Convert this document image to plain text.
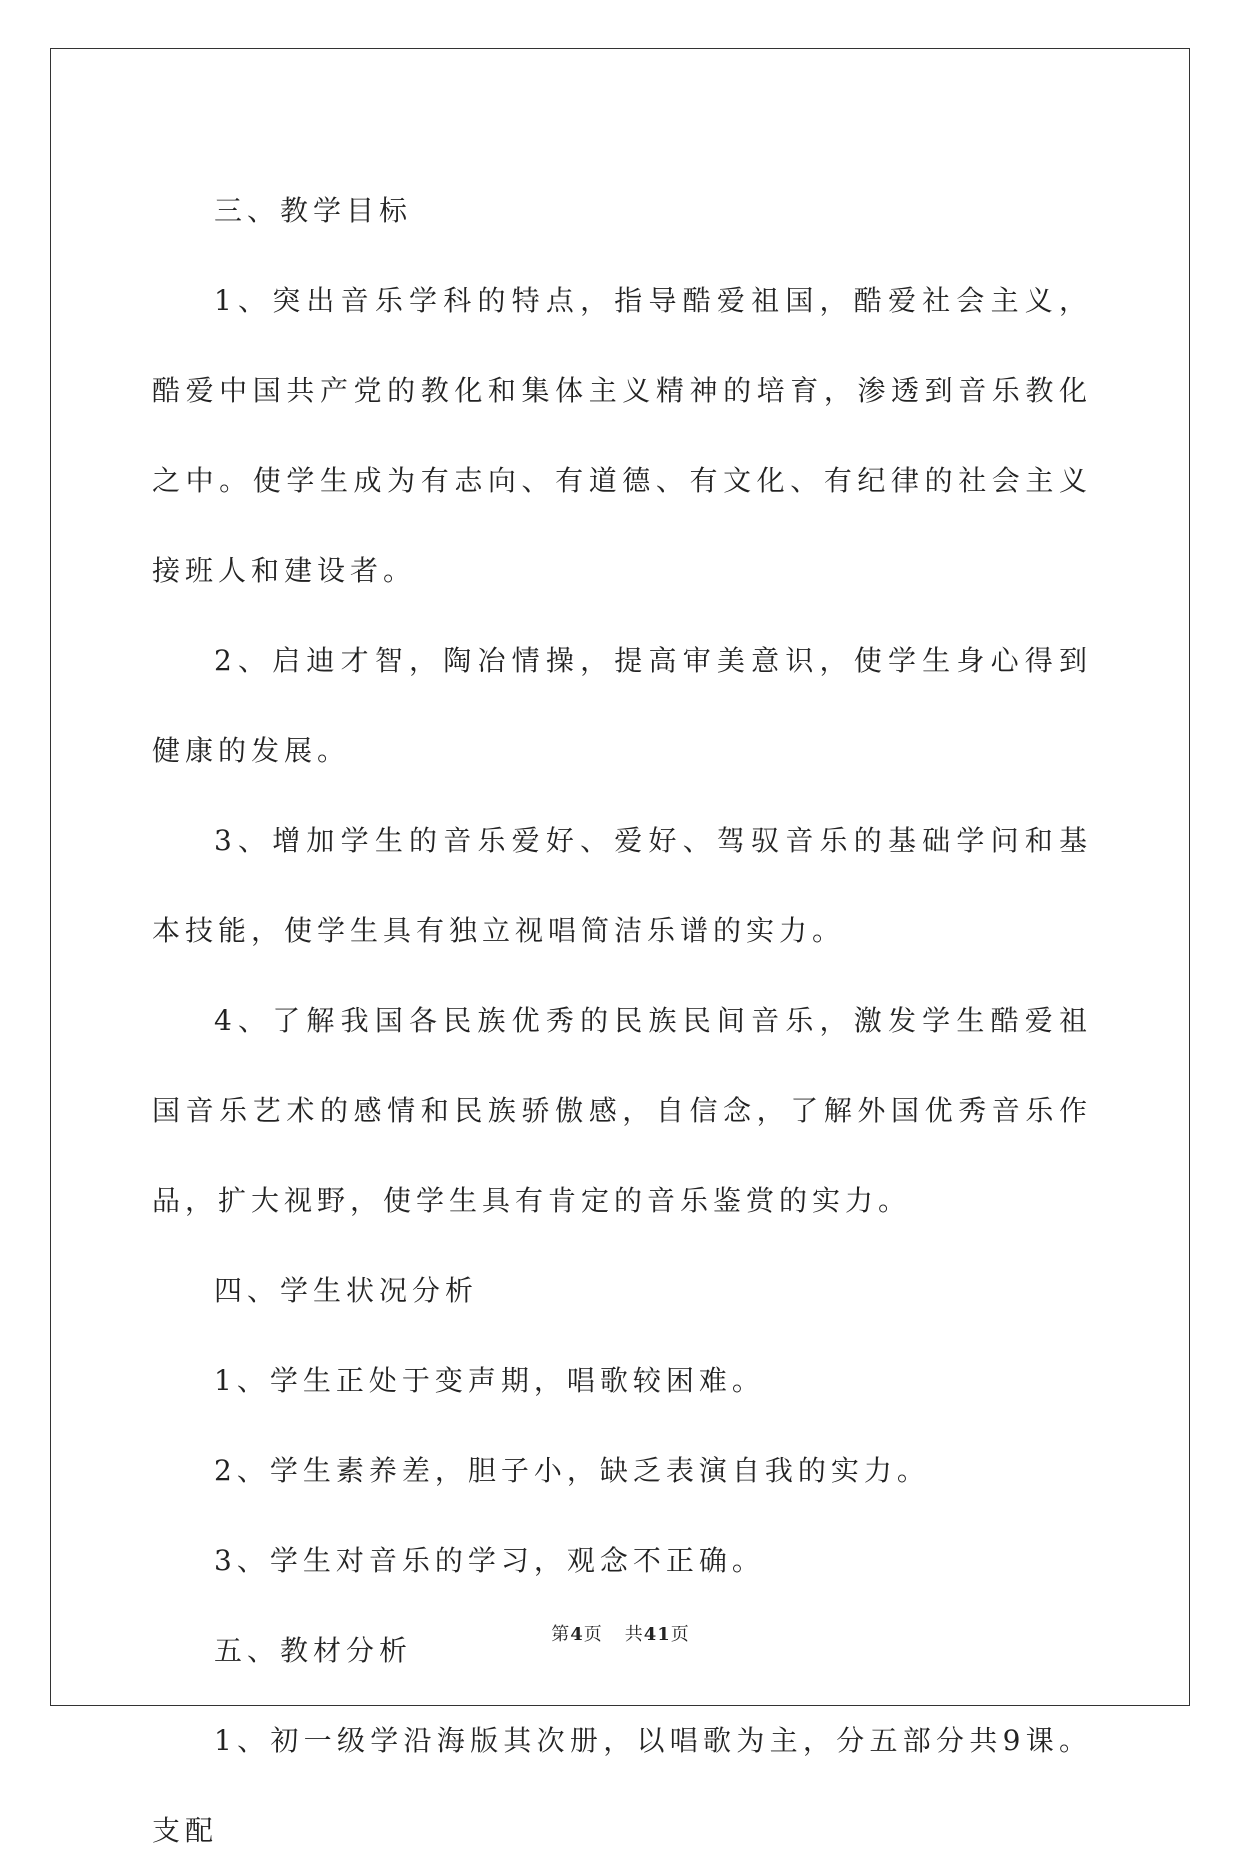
三、教学目标

1、突出音乐学科的特点，指导酷爱祖国，酷爱社会主义，酷爱中国共产党的教化和集体主义精神的培育，渗透到音乐教化之中。使学生成为有志向、有道德、有文化、有纪律的社会主义接班人和建设者。

2、启迪才智，陶冶情操，提高审美意识，使学生身心得到健康的发展。

3、增加学生的音乐爱好、爱好、驾驭音乐的基础学问和基本技能，使学生具有独立视唱简洁乐谱的实力。

4、了解我国各民族优秀的民族民间音乐，激发学生酷爱祖国音乐艺术的感情和民族骄傲感，自信念，了解外国优秀音乐作品，扩大视野，使学生具有肯定的音乐鉴赏的实力。

四、学生状况分析

1、学生正处于变声期，唱歌较困难。

2、学生素养差，胆子小，缺乏表演自我的实力。

3、学生对音乐的学习，观念不正确。

五、教材分析

1、初一级学沿海版其次册，以唱歌为主，分五部分共9课。支配

第4页 共41页
